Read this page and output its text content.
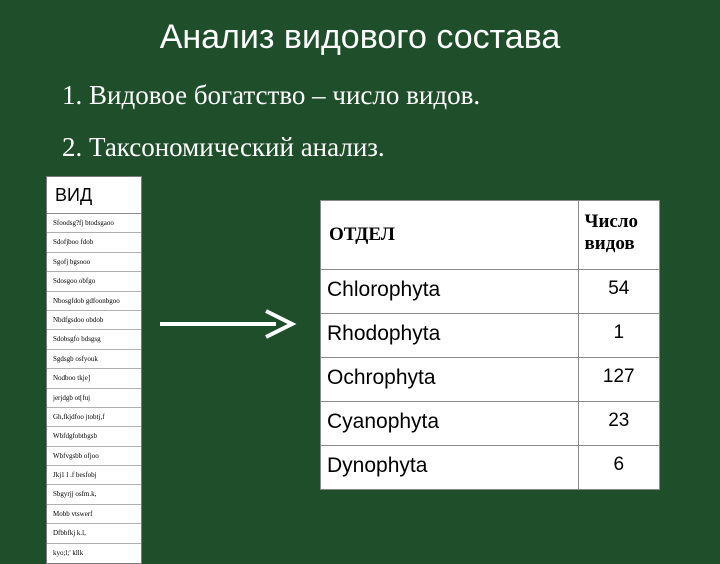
Анализ видового состава
1. Видовое богатство – число видов.
2. Таксономический анализ.
ВИД
Sfoodsg?fj btodsgaoo
Sdofjboo fdob
Sgofj bgsooo
Sdosgoo obfgo
Nbosgfdob gdfoonbgoo
Nbdfgsdoo obdob
Sdobsgfo bdsgsg
Sgdsgb osfyouk
Nodboo tkje]
jerjdgb ot[fuj
Gh,fkjdfoo jtobtj,f
Wbfdgfobtbgsb
Wbfvgsbb ofjoo
Jkj1 l .f besfobj
Sbgyrjj osfm.k,
Mobb vtswerf
Dfbbfkj k.l,
kyo;l;' kllk
ОТДЕЛ	Число видов
Chlorophyta	54
Rhodophyta	1
Ochrophyta	127
Cyanophyta	23
Dynophyta	6
